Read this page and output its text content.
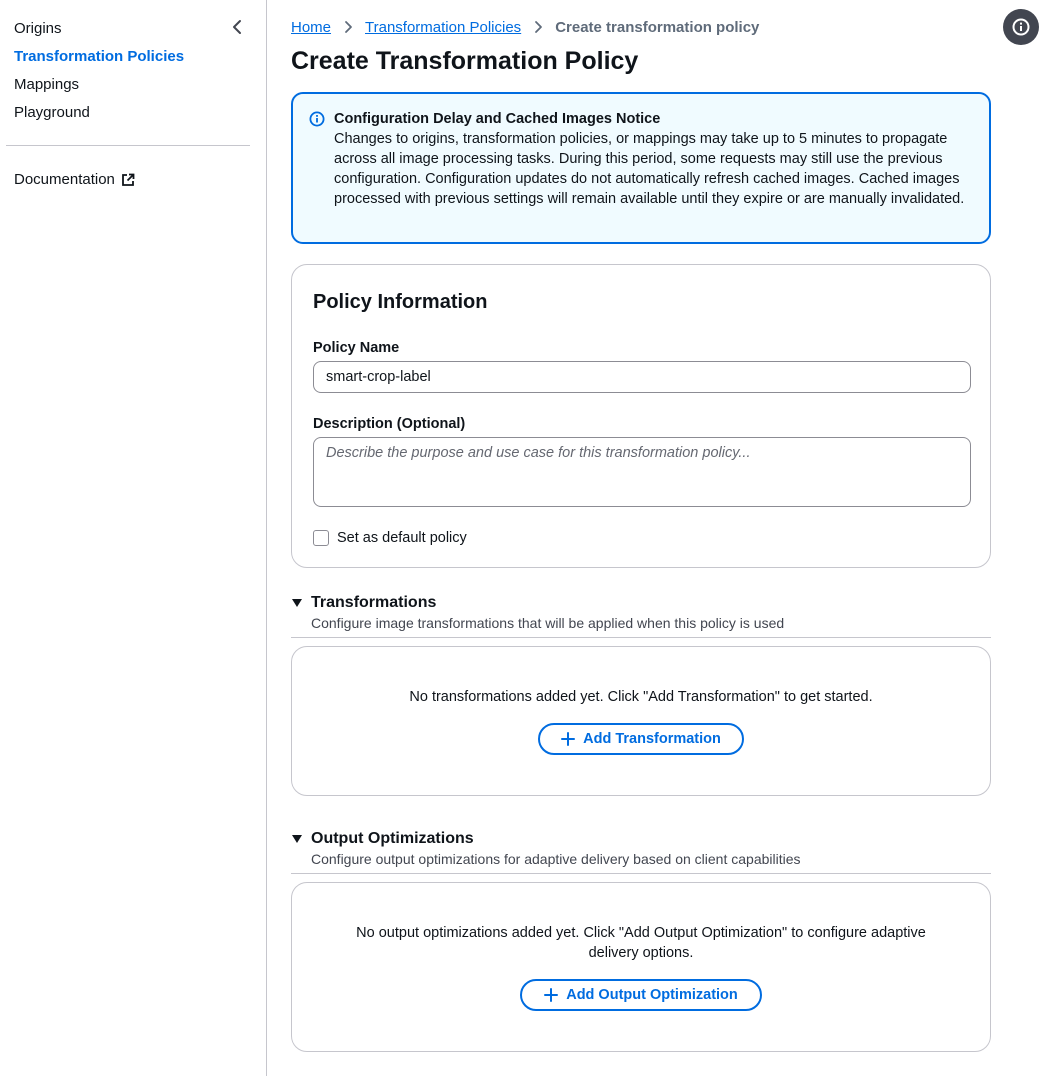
Origins
Transformation Policies
Mappings
Playground
Documentation
Home Transformation Policies Create transformation policy
Create Transformation Policy
Configuration Delay and Cached Images Notice
Changes to origins, transformation policies, or mappings may take up to 5 minutes to propagate across all image processing tasks. During this period, some requests may still use the previous configuration. Configuration updates do not automatically refresh cached images. Cached images processed with previous settings will remain available until they expire or are manually invalidated.
Policy Information
Policy Name
smart-crop-label
Description (Optional)
Describe the purpose and use case for this transformation policy...
Set as default policy
Transformations
Configure image transformations that will be applied when this policy is used
No transformations added yet. Click "Add Transformation" to get started.
Add Transformation
Output Optimizations
Configure output optimizations for adaptive delivery based on client capabilities
No output optimizations added yet. Click "Add Output Optimization" to configure adaptive
delivery options.
Add Output Optimization
